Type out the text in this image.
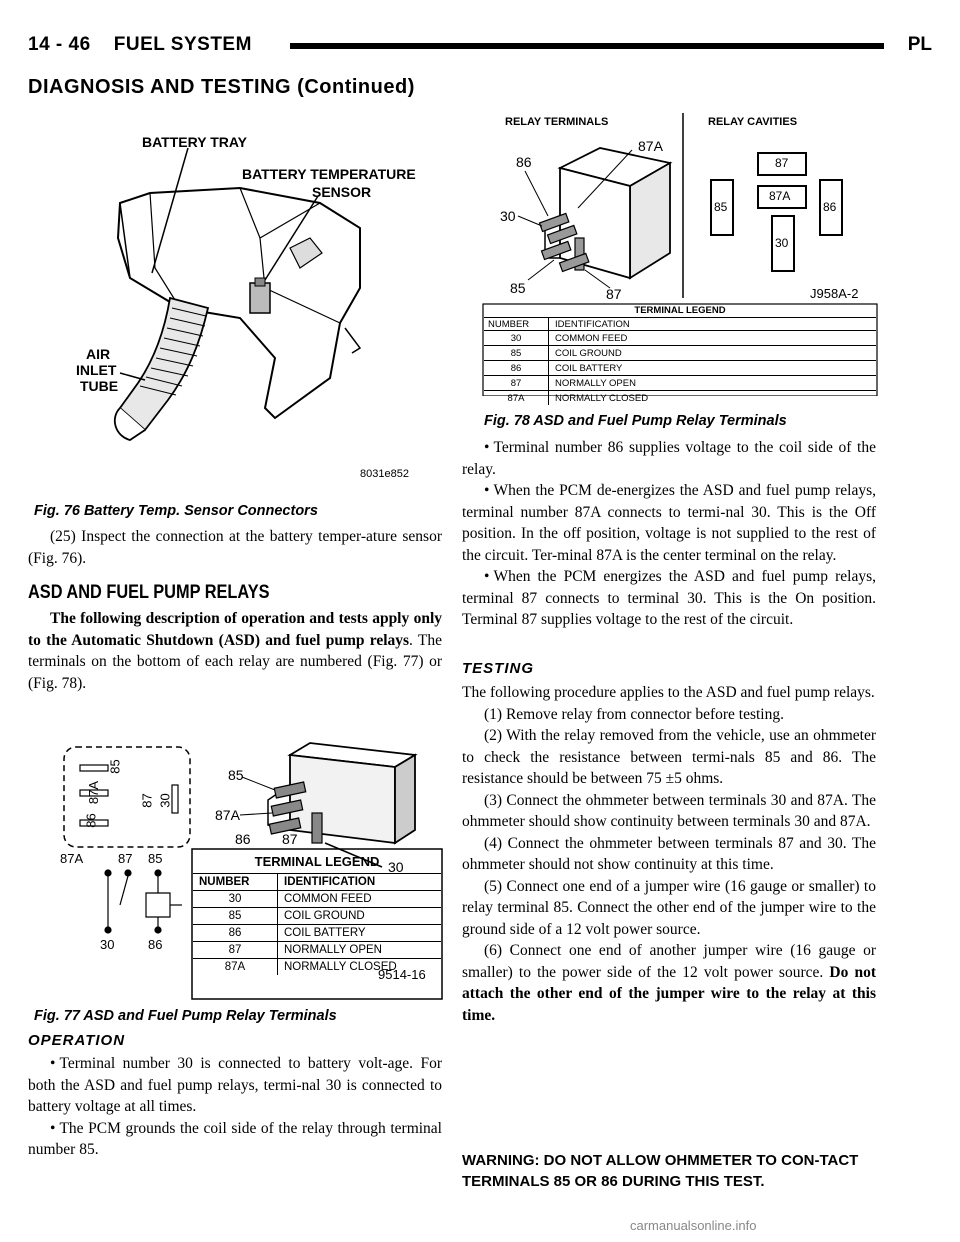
14 - 46    FUEL SYSTEM	PL
DIAGNOSIS AND TESTING (Continued)
BATTERY TRAY
BATTERY TEMPERATURE
SENSOR
AIR
INLET
TUBE
8031e852
Fig. 76 Battery Temp. Sensor Connectors
(25) Inspect the connection at the battery temper-ature sensor (Fig. 76).
ASD AND FUEL PUMP RELAYS
The following description of operation and tests apply only to the Automatic Shutdown (ASD) and fuel pump relays. The terminals on the bottom of each relay are numbered (Fig. 77) or (Fig. 78).
85
87A
86
87 30
85
87A
86 87
30
87A	87 85
30	86
TERMINAL LEGEND
NUMBER	IDENTIFICATION
30	COMMON FEED
85	COIL GROUND
86	COIL BATTERY
87	NORMALLY OPEN
87A	NORMALLY CLOSED
9514-16
Fig. 77 ASD and Fuel Pump Relay Terminals
OPERATION
• Terminal number 30 is connected to battery volt-age. For both the ASD and fuel pump relays, termi-nal 30 is connected to battery voltage at all times.
• The PCM grounds the coil side of the relay through terminal number 85.
RELAY TERMINALS	RELAY CAVITIES
86
87A
30
85	87
87
85
87A
86
30
J958A-2
TERMINAL LEGEND
NUMBER	IDENTIFICATION
30	COMMON FEED
85	COIL GROUND
86	COIL BATTERY
87	NORMALLY OPEN
87A	NORMALLY CLOSED
Fig. 78 ASD and Fuel Pump Relay Terminals
• Terminal number 86 supplies voltage to the coil side of the relay.
• When the PCM de-energizes the ASD and fuel pump relays, terminal number 87A connects to termi-nal 30. This is the Off position. In the off position, voltage is not supplied to the rest of the circuit. Ter-minal 87A is the center terminal on the relay.
• When the PCM energizes the ASD and fuel pump relays, terminal 87 connects to terminal 30. This is the On position. Terminal 87 supplies voltage to the rest of the circuit.
TESTING
The following procedure applies to the ASD and fuel pump relays.
(1) Remove relay from connector before testing.
(2) With the relay removed from the vehicle, use an ohmmeter to check the resistance between termi-nals 85 and 86. The resistance should be between 75 ±5 ohms.
(3) Connect the ohmmeter between terminals 30 and 87A. The ohmmeter should show continuity between terminals 30 and 87A.
(4) Connect the ohmmeter between terminals 87 and 30. The ohmmeter should not show continuity at this time.
(5) Connect one end of a jumper wire (16 gauge or smaller) to relay terminal 85. Connect the other end of the jumper wire to the ground side of a 12 volt power source.
(6) Connect one end of another jumper wire (16 gauge or smaller) to the power side of the 12 volt power source. Do not attach the other end of the jumper wire to the relay at this time.
WARNING: DO NOT ALLOW OHMMETER TO CON-TACT TERMINALS 85 OR 86 DURING THIS TEST.
carmanualsonline.info
